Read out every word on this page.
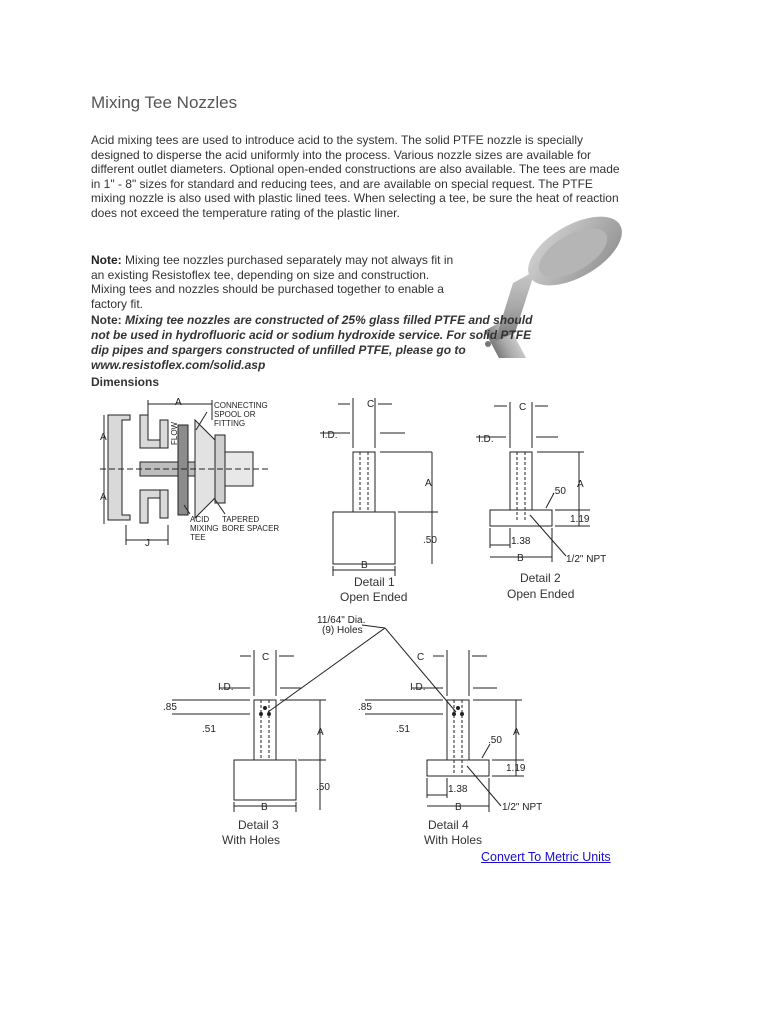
Mixing Tee Nozzles
Acid mixing tees are used to introduce acid to the system. The solid PTFE nozzle is specially designed to disperse the acid uniformly into the process. Various nozzle sizes are available for different outlet diameters. Optional open-ended constructions are also available. The tees are made in 1" - 8" sizes for standard and reducing tees, and are available on special request. The PTFE mixing nozzle is also used with plastic lined tees. When selecting a tee, be sure the heat of reaction does not exceed the temperature rating of the plastic liner.
Note: Mixing tee nozzles purchased separately may not always fit in an existing Resistoflex tee, depending on size and construction. Mixing tees and nozzles should be purchased together to enable a factory fit.
Note: Mixing tee nozzles are constructed of 25% glass filled PTFE and should not be used in hydrofluoric acid or sodium hydroxide service. For solid PTFE dip pipes and spargers constructed of unfilled PTFE, please go to www.resistoflex.com/solid.asp
Dimensions
A
A
A
J
FLOW
CONNECTING SPOOL OR FITTING
ACID MIXING TEE
TAPERED BORE SPACER
C
I.D.
A
.50
B
Detail 1
Open Ended
C
I.D.
A
.50
1.19
1.38
B	1/2" NPT
Detail 2
Open Ended
11/64" Dia.
(9) Holes
C
I.D.
.85
.51	A
.50
B
Detail 3
With Holes
C
I.D.
.85
.51	A
.50
1.19
1.38
B	1/2" NPT
Detail 4
With Holes
Convert To Metric Units
